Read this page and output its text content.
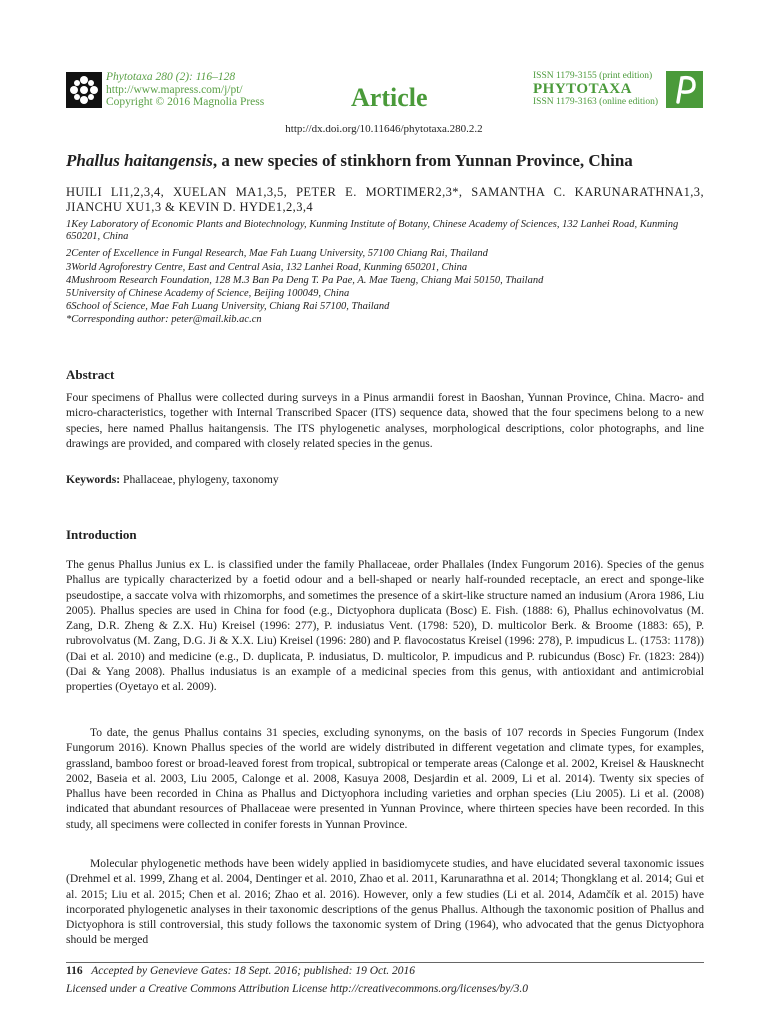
Phytotaxa 280 (2): 116–128
http://www.mapress.com/j/pt/
Copyright © 2016 Magnolia Press	Article
ISSN 1179-3155 (print edition)
PHYTOTAXA
ISSN 1179-3163 (online edition)
http://dx.doi.org/10.11646/phytotaxa.280.2.2
Phallus haitangensis, a new species of stinkhorn from Yunnan Province, China
HUILI LI1,2,3,4, XUELAN MA1,3,5, PETER E. MORTIMER2,3*, SAMANTHA C. KARUNARATHNA1,3, JIANCHU XU1,3 & KEVIN D. HYDE1,2,3,4
1Key Laboratory of Economic Plants and Biotechnology, Kunming Institute of Botany, Chinese Academy of Sciences, 132 Lanhei Road, Kunming 650201, China
2Center of Excellence in Fungal Research, Mae Fah Luang University, 57100 Chiang Rai, Thailand
3World Agroforestry Centre, East and Central Asia, 132 Lanhei Road, Kunming 650201, China
4Mushroom Research Foundation, 128 M.3 Ban Pa Deng T. Pa Pae, A. Mae Taeng, Chiang Mai 50150, Thailand
5University of Chinese Academy of Science, Beijing 100049, China
6School of Science, Mae Fah Luang University, Chiang Rai 57100, Thailand
*Corresponding author: peter@mail.kib.ac.cn
Abstract
Four specimens of Phallus were collected during surveys in a Pinus armandii forest in Baoshan, Yunnan Province, China. Macro- and micro-characteristics, together with Internal Transcribed Spacer (ITS) sequence data, showed that the four specimens belong to a new species, here named Phallus haitangensis. The ITS phylogenetic analyses, morphological descriptions, color photographs, and line drawings are provided, and compared with closely related species in the genus.
Keywords: Phallaceae, phylogeny, taxonomy
Introduction
The genus Phallus Junius ex L. is classified under the family Phallaceae, order Phallales (Index Fungorum 2016). Species of the genus Phallus are typically characterized by a foetid odour and a bell-shaped or nearly half-rounded receptacle, an erect and sponge-like pseudostipe, a saccate volva with rhizomorphs, and sometimes the presence of a skirt-like structure named an indusium (Arora 1986, Liu 2005). Phallus species are used in China for food (e.g., Dictyophora duplicata (Bosc) E. Fish. (1888: 6), Phallus echinovolvatus (M. Zang, D.R. Zheng & Z.X. Hu) Kreisel (1996: 277), P. indusiatus Vent. (1798: 520), D. multicolor Berk. & Broome (1883: 65), P. rubrovolvatus (M. Zang, D.G. Ji & X.X. Liu) Kreisel (1996: 280) and P. flavocostatus Kreisel (1996: 278), P. impudicus L. (1753: 1178)) (Dai et al. 2010) and medicine (e.g., D. duplicata, P. indusiatus, D. multicolor, P. impudicus and P. rubicundus (Bosc) Fr. (1823: 284)) (Dai & Yang 2008). Phallus indusiatus is an example of a medicinal species from this genus, with antioxidant and antimicrobial properties (Oyetayo et al. 2009).
To date, the genus Phallus contains 31 species, excluding synonyms, on the basis of 107 records in Species Fungorum (Index Fungorum 2016). Known Phallus species of the world are widely distributed in different vegetation and climate types, for examples, grassland, bamboo forest or broad-leaved forest from tropical, subtropical or temperate areas (Calonge et al. 2002, Kreisel & Hausknecht 2002, Baseia et al. 2003, Liu 2005, Calonge et al. 2008, Kasuya 2008, Desjardin et al. 2009, Li et al. 2014). Twenty six species of Phallus have been recorded in China as Phallus and Dictyophora including varieties and orphan species (Liu 2005). Li et al. (2008) indicated that abundant resources of Phallaceae were presented in Yunnan Province, where thirteen species have been recorded. In this study, all specimens were collected in conifer forests in Yunnan Province.
Molecular phylogenetic methods have been widely applied in basidiomycete studies, and have elucidated several taxonomic issues (Drehmel et al. 1999, Zhang et al. 2004, Dentinger et al. 2010, Zhao et al. 2011, Karunarathna et al. 2014; Thongklang et al. 2014; Gui et al. 2015; Liu et al. 2015; Chen et al. 2016; Zhao et al. 2016). However, only a few studies (Li et al. 2014, Adamčík et al. 2015) have incorporated phylogenetic analyses in their taxonomic descriptions of the genus Phallus. Although the taxonomic position of Phallus and Dictyophora is still controversial, this study follows the taxonomic system of Dring (1964), who advocated that the genus Dictyophora should be merged
116 Accepted by Genevieve Gates: 18 Sept. 2016; published: 19 Oct. 2016
Licensed under a Creative Commons Attribution License http://creativecommons.org/licenses/by/3.0
